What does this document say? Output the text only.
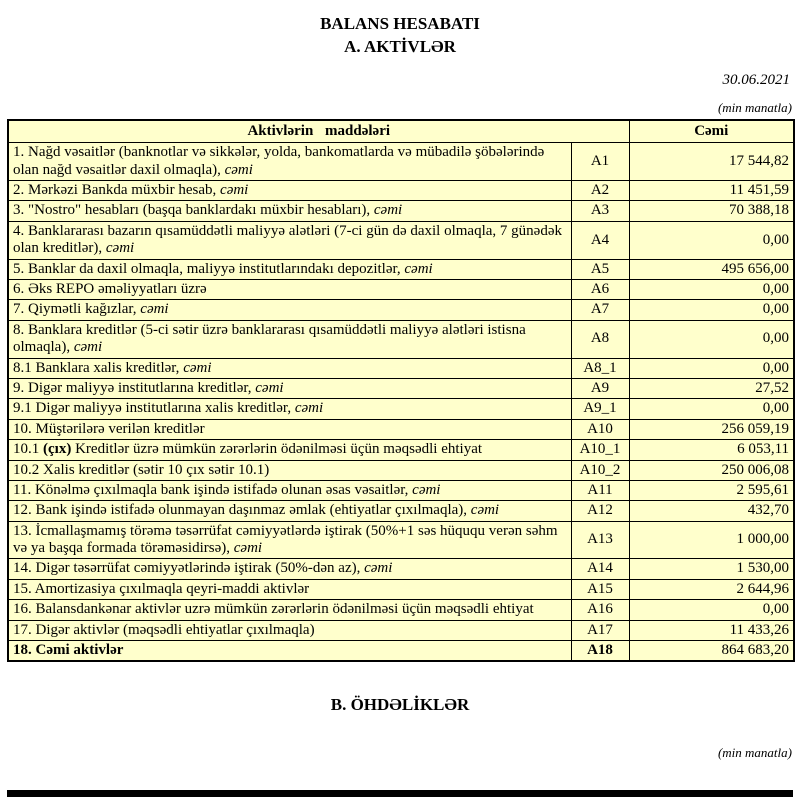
BALANS HESABATI
A. AKTİVLƏR
30.06.2021
(min manatla)
Aktivlərin maddələri		Cəmi
1. Nağd vəsaitlər (banknotlar və sikkələr, yolda, bankomatlarda və mübadilə şöbələrində olan nağd vəsaitlər daxil olmaqla), cəmi	A1	17 544,82
2. Mərkəzi Bankda müxbir hesab, cəmi	A2	11 451,59
3. "Nostro" hesabları (başqa banklardakı müxbir hesabları), cəmi	A3	70 388,18
4. Banklararası bazarın qısamüddətli maliyyə alətləri (7-ci gün də daxil olmaqla, 7 günədək olan kreditlər), cəmi	A4	0,00
5. Banklar da daxil olmaqla, maliyyə institutlarındakı depozitlər, cəmi	A5	495 656,00
6. Əks REPO əməliyyatları üzrə	A6	0,00
7. Qiymətli kağızlar, cəmi	A7	0,00
8. Banklara kreditlər (5-ci sətir üzrə banklararası qısamüddətli maliyyə alətləri istisna olmaqla), cəmi	A8	0,00
8.1 Banklara xalis kreditlər, cəmi	A8_1	0,00
9. Digər maliyyə institutlarına kreditlər, cəmi	A9	27,52
9.1 Digər maliyyə institutlarına xalis kreditlər, cəmi	A9_1	0,00
10. Müştərilərə verilən kreditlər	A10	256 059,19
10.1 (çıx) Kreditlər üzrə mümkün zərərlərin ödənilməsi üçün məqsədli ehtiyat	A10_1	6 053,11
10.2 Xalis kreditlər (sətir 10 çıx sətir 10.1)	A10_2	250 006,08
11. Könəlmə çıxılmaqla bank işində istifadə olunan əsas vəsaitlər, cəmi	A11	2 595,61
12. Bank işində istifadə olunmayan daşınmaz əmlak (ehtiyatlar çıxılmaqla), cəmi	A12	432,70
13. İcmallaşmamış törəmə təsərrüfat cəmiyyətlərdə iştirak (50%+1 səs hüququ verən səhm və ya başqa formada törəməsidirsə), cəmi	A13	1 000,00
14. Digər təsərrüfat cəmiyyətlərində iştirak (50%-dən az), cəmi	A14	1 530,00
15. Amortizasiya çıxılmaqla qeyri-maddi aktivlər	A15	2 644,96
16. Balansdankənar aktivlər uzrə mümkün zərərlərin ödənilməsi üçün məqsədli ehtiyat	A16	0,00
17. Digər aktivlər (məqsədli ehtiyatlar çıxılmaqla)	A17	11 433,26
18. Cəmi aktivlər	A18	864 683,20
B. ÖHDƏLİKLƏR
(min manatla)
